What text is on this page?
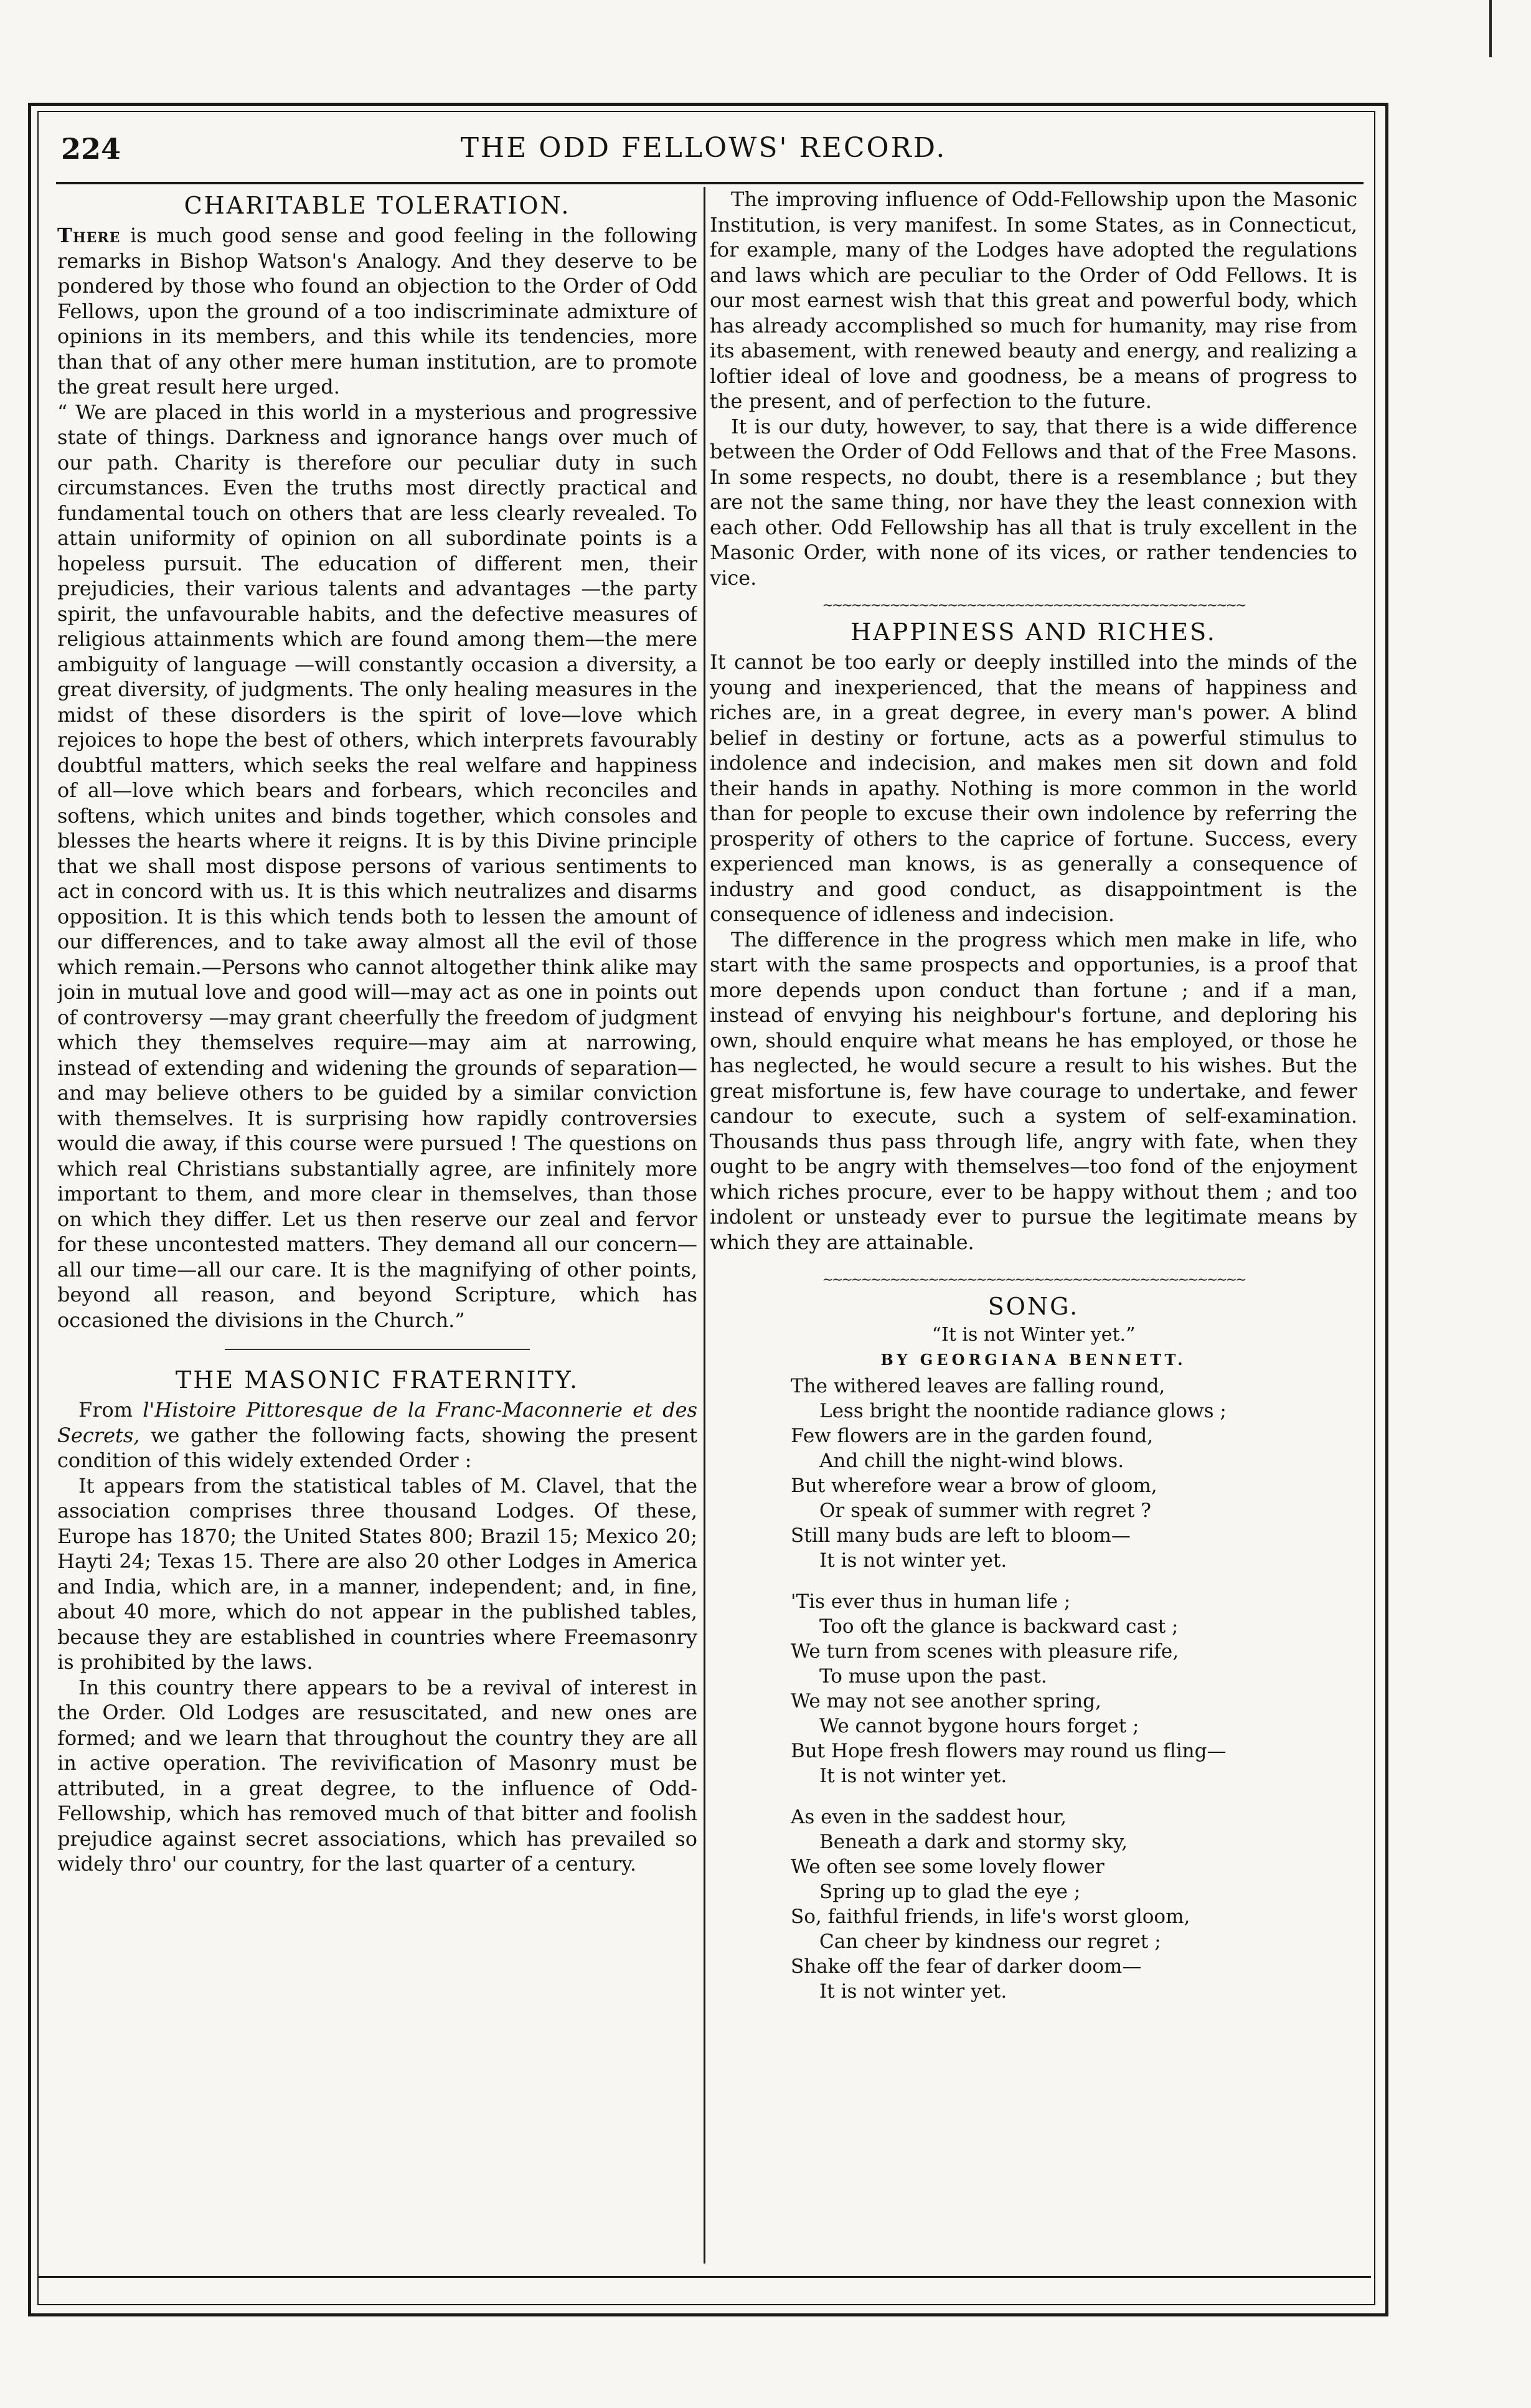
224	THE ODD FELLOWS' RECORD.
CHARITABLE TOLERATION.

There is much good sense and good feeling in the following remarks in Bishop Watson's Analogy. And they deserve to be pondered by those who found an objection to the Order of Odd Fellows, upon the ground of a too indiscriminate admixture of opinions in its members, and this while its tendencies, more than that of any other mere human institution, are to promote the great result here urged.

“ We are placed in this world in a mysterious and progressive state of things. Darkness and ignorance hangs over much of our path. Charity is therefore our peculiar duty in such circumstances. Even the truths most directly practical and fundamental touch on others that are less clearly revealed. To attain uniformity of opinion on all subordinate points is a hopeless pursuit. The education of different men, their prejudicies, their various talents and advantages —the party spirit, the unfavourable habits, and the defective measures of religious attainments which are found among them—the mere ambiguity of language —will constantly occasion a diversity, a great diversity, of judgments. The only healing measures in the midst of these disorders is the spirit of love—love which rejoices to hope the best of others, which interprets favourably doubtful matters, which seeks the real welfare and happiness of all—love which bears and forbears, which reconciles and softens, which unites and binds together, which consoles and blesses the hearts where it reigns. It is by this Divine principle that we shall most dispose persons of various sentiments to act in concord with us. It is this which neutralizes and disarms opposition. It is this which tends both to lessen the amount of our differences, and to take away almost all the evil of those which remain.—Persons who cannot altogether think alike may join in mutual love and good will—may act as one in points out of controversy —may grant cheerfully the freedom of judgment which they themselves require—may aim at narrowing, instead of extending and widening the grounds of separation—and may believe others to be guided by a similar conviction with themselves. It is surprising how rapidly controversies would die away, if this course were pursued ! The questions on which real Christians substantially agree, are infinitely more important to them, and more clear in themselves, than those on which they differ. Let us then reserve our zeal and fervor for these uncontested matters. They demand all our concern—all our time—all our care. It is the magnifying of other points, beyond all reason, and beyond Scripture, which has occasioned the divisions in the Church.”

THE MASONIC FRATERNITY.

From l'Histoire Pittoresque de la Franc-Maconnerie et des Secrets, we gather the following facts, showing the present condition of this widely extended Order :

It appears from the statistical tables of M. Clavel, that the association comprises three thousand Lodges. Of these, Europe has 1870; the United States 800; Brazil 15; Mexico 20; Hayti 24; Texas 15. There are also 20 other Lodges in America and India, which are, in a manner, independent; and, in fine, about 40 more, which do not appear in the published tables, because they are established in countries where Freemasonry is prohibited by the laws.

In this country there appears to be a revival of interest in the Order. Old Lodges are resuscitated, and new ones are formed; and we learn that throughout the country they are all in active operation. The revivification of Masonry must be attributed, in a great degree, to the influence of Odd-Fellowship, which has removed much of that bitter and foolish prejudice against secret associations, which has prevailed so widely thro' our country, for the last quarter of a century.

The improving influence of Odd-Fellowship upon the Masonic Institution, is very manifest. In some States, as in Connecticut, for example, many of the Lodges have adopted the regulations and laws which are peculiar to the Order of Odd Fellows. It is our most earnest wish that this great and powerful body, which has already accomplished so much for humanity, may rise from its abasement, with renewed beauty and energy, and realizing a loftier ideal of love and goodness, be a means of progress to the present, and of perfection to the future.

It is our duty, however, to say, that there is a wide difference between the Order of Odd Fellows and that of the Free Masons. In some respects, no doubt, there is a resemblance ; but they are not the same thing, nor have they the least connexion with each other. Odd Fellowship has all that is truly excellent in the Masonic Order, with none of its vices, or rather tendencies to vice.

∼∼∼∼∼∼∼∼∼∼∼∼∼∼∼∼∼∼∼∼∼∼∼∼∼∼∼∼∼∼∼∼∼∼∼∼∼∼∼∼∼∼∼∼
HAPPINESS AND RICHES.

It cannot be too early or deeply instilled into the minds of the young and inexperienced, that the means of happiness and riches are, in a great degree, in every man's power. A blind belief in destiny or fortune, acts as a powerful stimulus to indolence and indecision, and makes men sit down and fold their hands in apathy. Nothing is more common in the world than for people to excuse their own indolence by referring the prosperity of others to the caprice of fortune. Success, every experienced man knows, is as generally a consequence of industry and good conduct, as disappointment is the consequence of idleness and indecision.

The difference in the progress which men make in life, who start with the same prospects and opportunies, is a proof that more depends upon conduct than fortune ; and if a man, instead of envying his neighbour's fortune, and deploring his own, should enquire what means he has employed, or those he has neglected, he would secure a result to his wishes. But the great misfortune is, few have courage to undertake, and fewer candour to execute, such a system of self-examination. Thousands thus pass through life, angry with fate, when they ought to be angry with themselves—too fond of the enjoyment which riches procure, ever to be happy without them ; and too indolent or unsteady ever to pursue the legitimate means by which they are attainable.

∼∼∼∼∼∼∼∼∼∼∼∼∼∼∼∼∼∼∼∼∼∼∼∼∼∼∼∼∼∼∼∼∼∼∼∼∼∼∼∼∼∼∼∼
SONG.
“It is not Winter yet.”
BY GEORGIANA BENNETT.
The withered leaves are falling round,
Less bright the noontide radiance glows ;
Few flowers are in the garden found,
And chill the night-wind blows.
But wherefore wear a brow of gloom,
Or speak of summer with regret ?
Still many buds are left to bloom—
It is not winter yet.
'Tis ever thus in human life ;
Too oft the glance is backward cast ;
We turn from scenes with pleasure rife,
To muse upon the past.
We may not see another spring,
We cannot bygone hours forget ;
But Hope fresh flowers may round us fling—
It is not winter yet.
As even in the saddest hour,
Beneath a dark and stormy sky,
We often see some lovely flower
Spring up to glad the eye ;
So, faithful friends, in life's worst gloom,
Can cheer by kindness our regret ;
Shake off the fear of darker doom—
It is not winter yet.
